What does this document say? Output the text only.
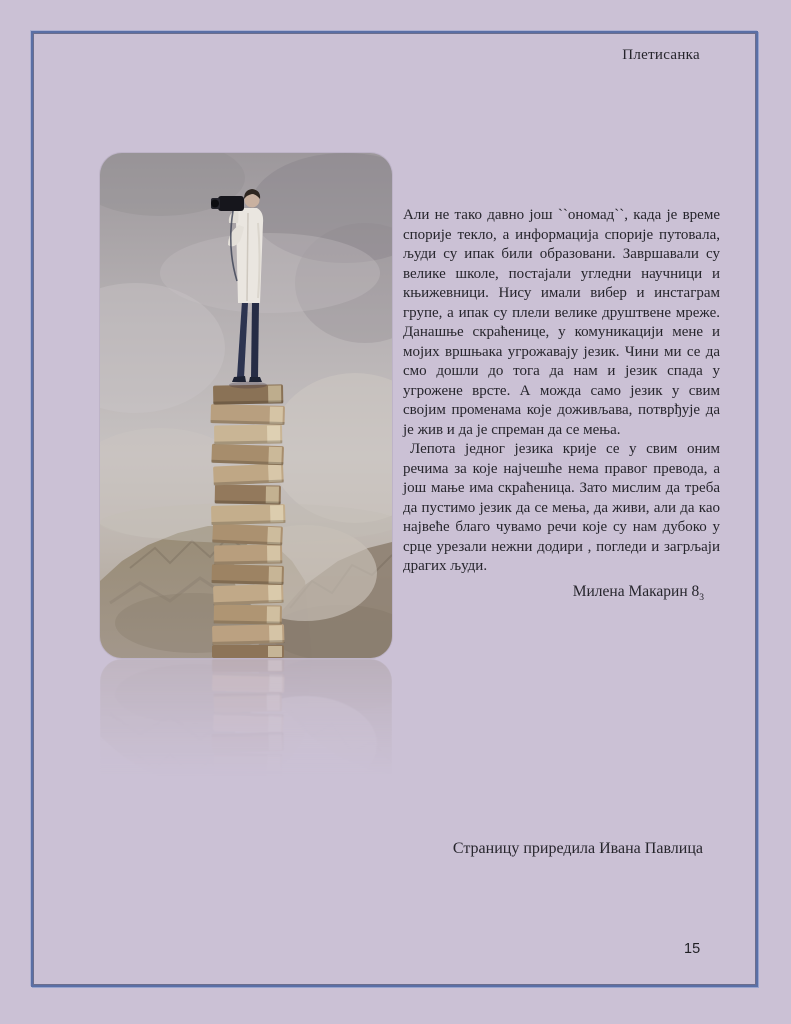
Плетисанка

Али не тако давно још ``ономад``, када је време спорије текло, а информација спорије путовала, људи су ипак били образовани. Завршавали су велике школе, постајали угледни научници и књижевници. Нису имали вибер и инстаграм групе, а ипак су плели велике друштвене мреже. Данашње скраћенице, у комуникацији мене и мојих вршњака угрожавају језик. Чини ми се да смо дошли до тога да нам и језик спада у угрожене врсте. А можда само језик у свим својим променама које доживљава, потврђује да је жив и да је спреман да се мења.

Лепота једног језика крије се у свим оним речима за које најчешће нема правог превода, а још мање има скраћеница. Зато мислим да треба да пустимо језик да се мења, да живи, али да као највеће благо чувамо речи које су нам дубоко у срце урезали нежни додири , погледи и загрљаји драгих људи.

Милена Макарин $8_3$
Страницу приредила Ивана Павлица
15
